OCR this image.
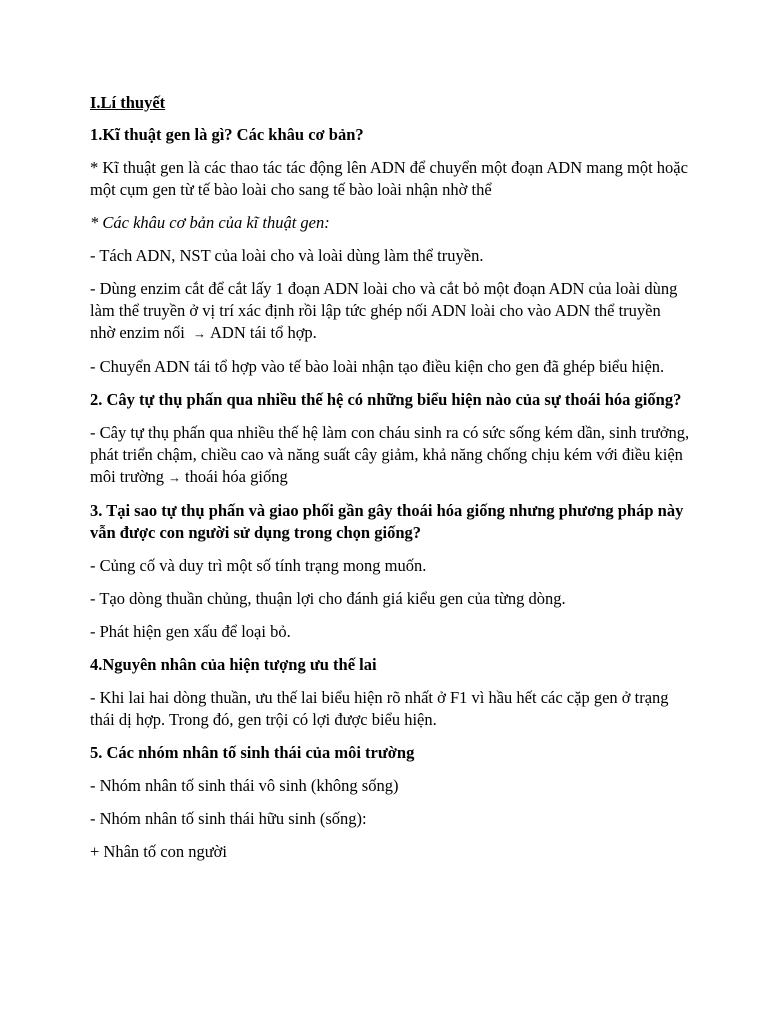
I.Lí thuyết

1.Kĩ thuật gen là gì? Các khâu cơ bản?

* Kĩ thuật gen là các thao tác tác động lên ADN để chuyển một đoạn ADN mang một hoặc một cụm gen từ tế bào loài cho sang tế bào loài nhận nhờ thể

* Các khâu cơ bản của kĩ thuật gen:

- Tách ADN, NST của loài cho và loài dùng làm thể truyền.

- Dùng enzim cắt để cắt lấy 1 đoạn ADN loài cho và cắt bỏ một đoạn ADN của loài dùng làm thể truyền ở vị trí xác định rồi lập tức ghép nối ADN loài cho vào ADN thể truyền nhờ enzim nối → ADN tái tổ hợp.

- Chuyển ADN tái tổ hợp vào tế bào loài nhận tạo điều kiện cho gen đã ghép biểu hiện.

2. Cây tự thụ phấn qua nhiều thế hệ có những biểu hiện nào của sự thoái hóa giống?

- Cây tự thụ phấn qua nhiều thế hệ làm con cháu sinh ra có sức sống kém dần, sinh trưởng, phát triển chậm, chiều cao và năng suất cây giảm, khả năng chống chịu kém với điều kiện môi trường → thoái hóa giống

3. Tại sao tự thụ phấn và giao phối gần gây thoái hóa giống nhưng phương pháp này vẫn được con người sử dụng trong chọn giống?

- Củng cố và duy trì một số tính trạng mong muốn.

- Tạo dòng thuần chủng, thuận lợi cho đánh giá kiểu gen của từng dòng.

- Phát hiện gen xấu để loại bỏ.

4.Nguyên nhân của hiện tượng ưu thế lai

- Khi lai hai dòng thuần, ưu thế lai biểu hiện rõ nhất ở F1 vì hầu hết các cặp gen ở trạng thái dị hợp. Trong đó, gen trội có lợi được biểu hiện.

5. Các nhóm nhân tố sinh thái của môi trường

- Nhóm nhân tố sinh thái vô sinh (không sống)

- Nhóm nhân tố sinh thái hữu sinh (sống):

+ Nhân tố con người
